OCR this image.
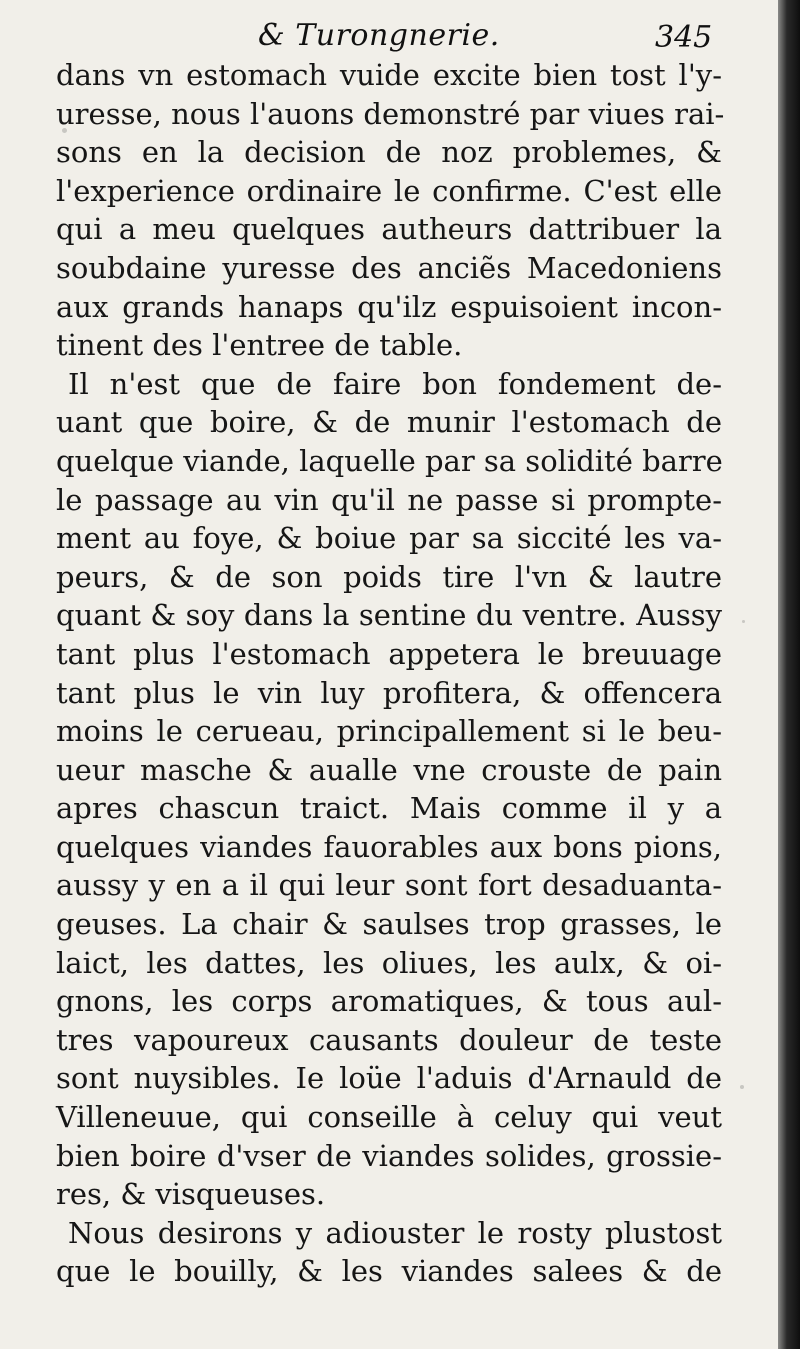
& Turongnerie.	345
dans vn estomach vuide excite bien tost l'y-
uresse, nous l'auons demonstré par viues rai-
sons en la decision de noz problemes, &
l'experience ordinaire le confirme. C'est elle
qui a meu quelques autheurs dattribuer la
soubdaine yuresse des anciẽs Macedoniens
aux grands hanaps qu'ilz espuisoient incon-
tinent des l'entree de table.
Il n'est que de faire bon fondement de-
uant que boire, & de munir l'estomach de
quelque viande, laquelle par sa solidité barre
le passage au vin qu'il ne passe si prompte-
ment au foye, & boiue par sa siccité les va-
peurs, & de son poids tire l'vn & lautre
quant & soy dans la sentine du ventre. Aussy
tant plus l'estomach appetera le breuuage
tant plus le vin luy profitera, & offencera
moins le cerueau, principallement si le beu-
ueur masche & aualle vne crouste de pain
apres chascun traict. Mais comme il y a
quelques viandes fauorables aux bons pions,
aussy y en a il qui leur sont fort desaduanta-
geuses. La chair & saulses trop grasses, le
laict, les dattes, les oliues, les aulx, & oi-
gnons, les corps aromatiques, & tous aul-
tres vapoureux causants douleur de teste
sont nuysibles. Ie loüe l'aduis d'Arnauld de
Villeneuue, qui conseille à celuy qui veut
bien boire d'vser de viandes solides, grossie-
res, & visqueuses.
Nous desirons y adiouster le rosty plustost
que le bouilly, & les viandes salees & de
